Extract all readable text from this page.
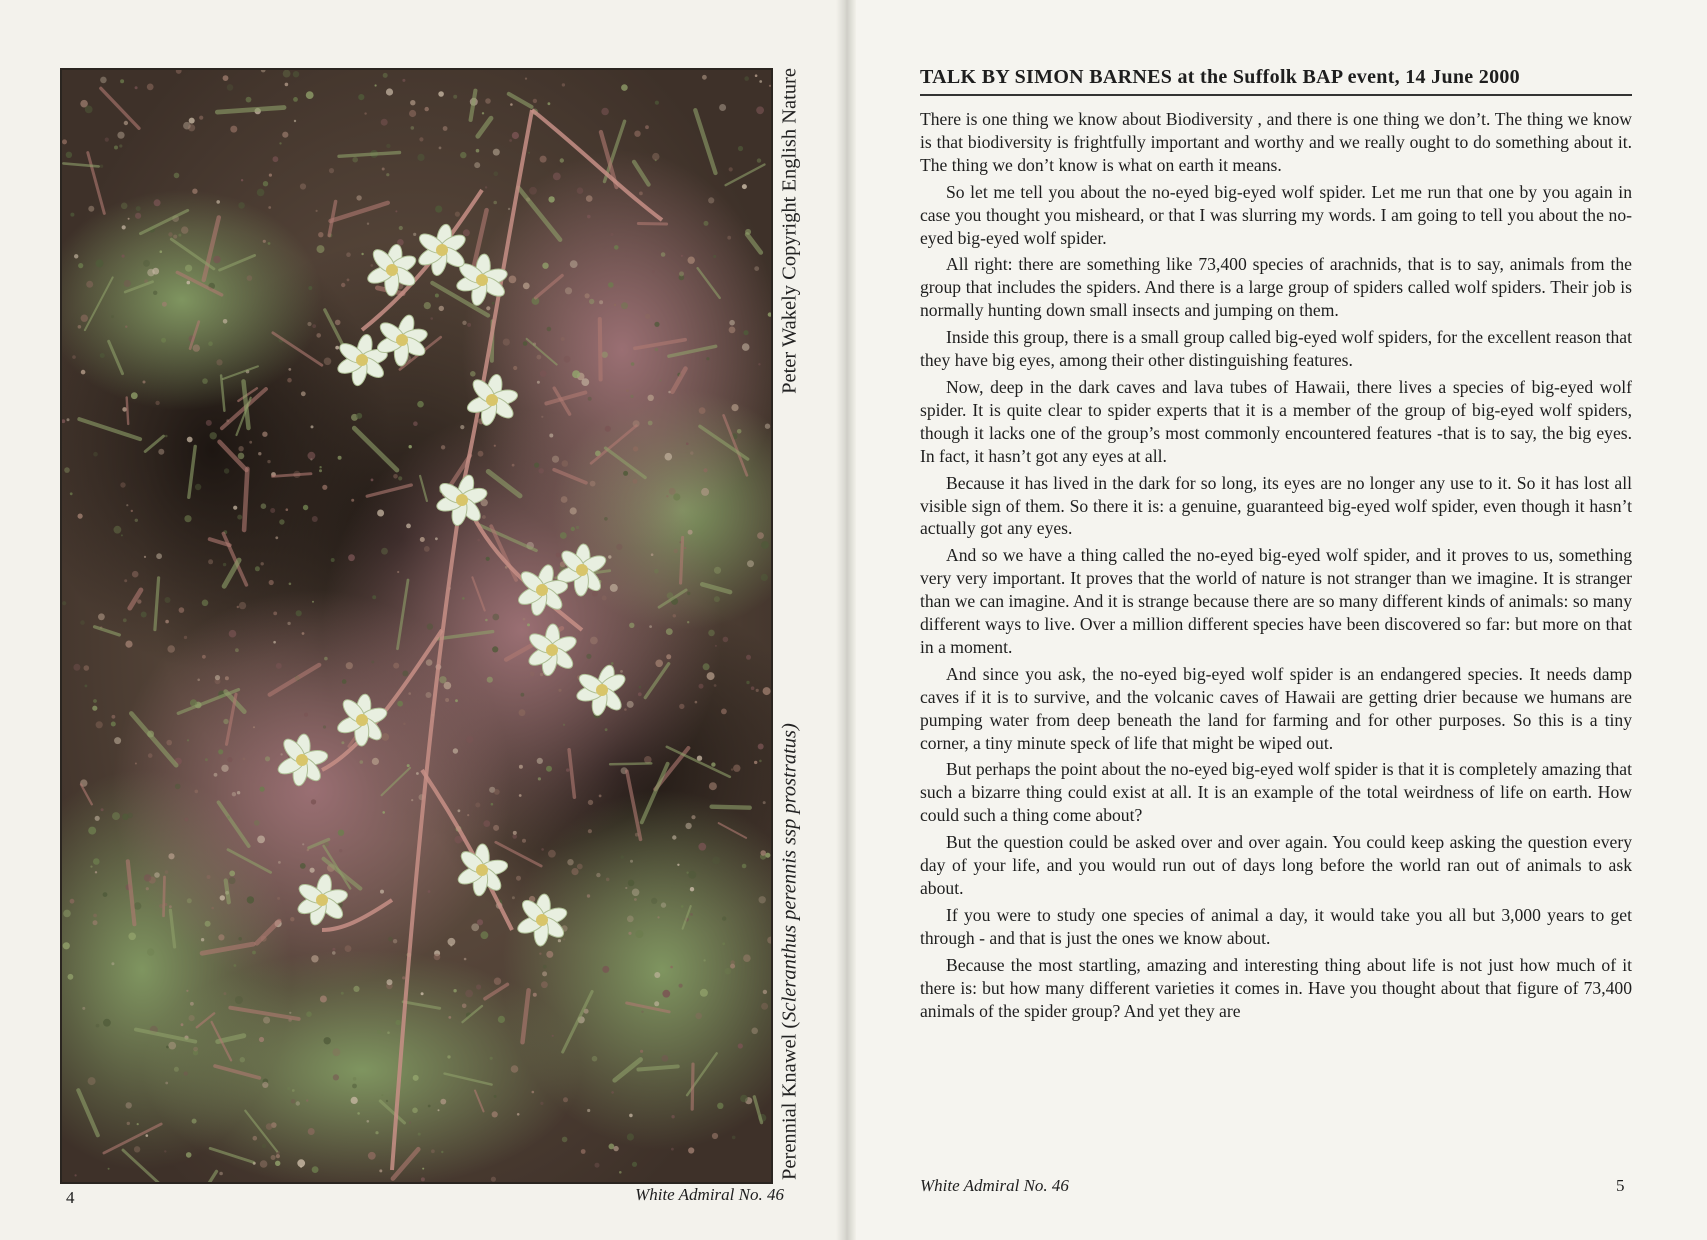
Perennial Knawel (Scleranthus perennis ssp prostratus)
Peter Wakely Copyright English Nature
4	White Admiral No. 46
TALK BY SIMON BARNES at the Suffolk BAP event, 14 June 2000

There is one thing we know about Biodiversity , and there is one thing we don’t. The thing we know is that biodiversity is frightfully important and worthy and we really ought to do something about it. The thing we don’t know is what on earth it means.

So let me tell you about the no-eyed big-eyed wolf spider. Let me run that one by you again in case you thought you misheard, or that I was slurring my words. I am going to tell you about the no-eyed big-eyed wolf spider.

All right: there are something like 73,400 species of arachnids, that is to say, animals from the group that includes the spiders. And there is a large group of spiders called wolf spiders. Their job is normally hunting down small insects and jumping on them.

Inside this group, there is a small group called big-eyed wolf spiders, for the excellent reason that they have big eyes, among their other distinguishing features.

Now, deep in the dark caves and lava tubes of Hawaii, there lives a species of big-eyed wolf spider. It is quite clear to spider experts that it is a member of the group of big-eyed wolf spiders, though it lacks one of the group’s most commonly encountered features -that is to say, the big eyes. In fact, it hasn’t got any eyes at all.

Because it has lived in the dark for so long, its eyes are no longer any use to it. So it has lost all visible sign of them. So there it is: a genuine, guaranteed big-eyed wolf spider, even though it hasn’t actually got any eyes.

And so we have a thing called the no-eyed big-eyed wolf spider, and it proves to us, something very very important. It proves that the world of nature is not stranger than we imagine. It is stranger than we can imagine. And it is strange because there are so many different kinds of animals: so many different ways to live. Over a million different species have been discovered so far: but more on that in a moment.

And since you ask, the no-eyed big-eyed wolf spider is an endangered species. It needs damp caves if it is to survive, and the volcanic caves of Hawaii are getting drier because we humans are pumping water from deep beneath the land for farming and for other purposes. So this is a tiny corner, a tiny minute speck of life that might be wiped out.

But perhaps the point about the no-eyed big-eyed wolf spider is that it is completely amazing that such a bizarre thing could exist at all. It is an example of the total weirdness of life on earth. How could such a thing come about?

But the question could be asked over and over again. You could keep asking the question every day of your life, and you would run out of days long before the world ran out of animals to ask about.

If you were to study one species of animal a day, it would take you all but 3,000 years to get through - and that is just the ones we know about.

Because the most startling, amazing and interesting thing about life is not just how much of it there is: but how many different varieties it comes in. Have you thought about that figure of 73,400 animals of the spider group? And yet they are

White Admiral No. 46	5
